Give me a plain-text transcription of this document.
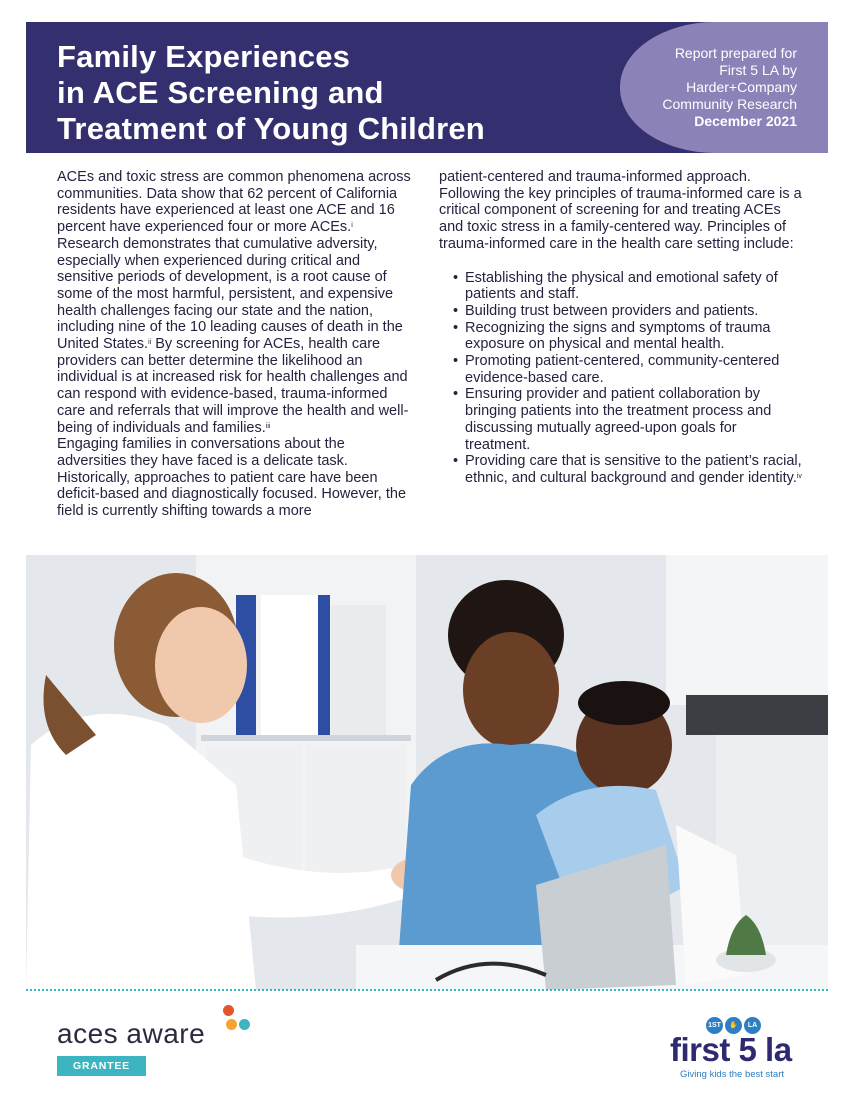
Family Experiences
in ACE Screening and
Treatment of Young Children
Report prepared for
First 5 LA by
Harder+Company
Community Research
December 2021

ACEs and toxic stress are common phenomena across communities. Data show that 62 percent of California residents have experienced at least one ACE and 16 percent have experienced four or more ACEs.$^i$ Research demonstrates that cumulative adversity, especially when experienced during critical and sensitive periods of development, is a root cause of some of the most harmful, persistent, and expensive health challenges facing our state and the nation, including nine of the 10 leading causes of death in the United States.$^{ii}$ By screening for ACEs, health care providers can better determine the likelihood an individual is at increased risk for health challenges and can respond with evidence-based, trauma-informed care and referrals that will improve the health and well-being of individuals and families.$^{iii}$

Engaging families in conversations about the adversities they have faced is a delicate task. Historically, approaches to patient care have been deficit-based and diagnostically focused. However, the field is currently shifting towards a more

patient-centered and trauma-informed approach. Following the key principles of trauma-informed care is a critical component of screening for and treating ACEs and toxic stress in a family-centered way. Principles of trauma-informed care in the health care setting include:

• Establishing the physical and emotional safety of patients and staff.
• Building trust between providers and patients.
• Recognizing the signs and symptoms of trauma exposure on physical and mental health.
• Promoting patient-centered, community-centered evidence-based care.
• Ensuring provider and patient collaboration by bringing patients into the treatment process and discussing mutually agreed-upon goals for treatment.
• Providing care that is sensitive to the patient’s racial, ethnic, and cultural background and gender identity.$^{iv}$
aces aware
GRANTEE
1ST	✋	LA
first 5 la
Giving kids the best start
